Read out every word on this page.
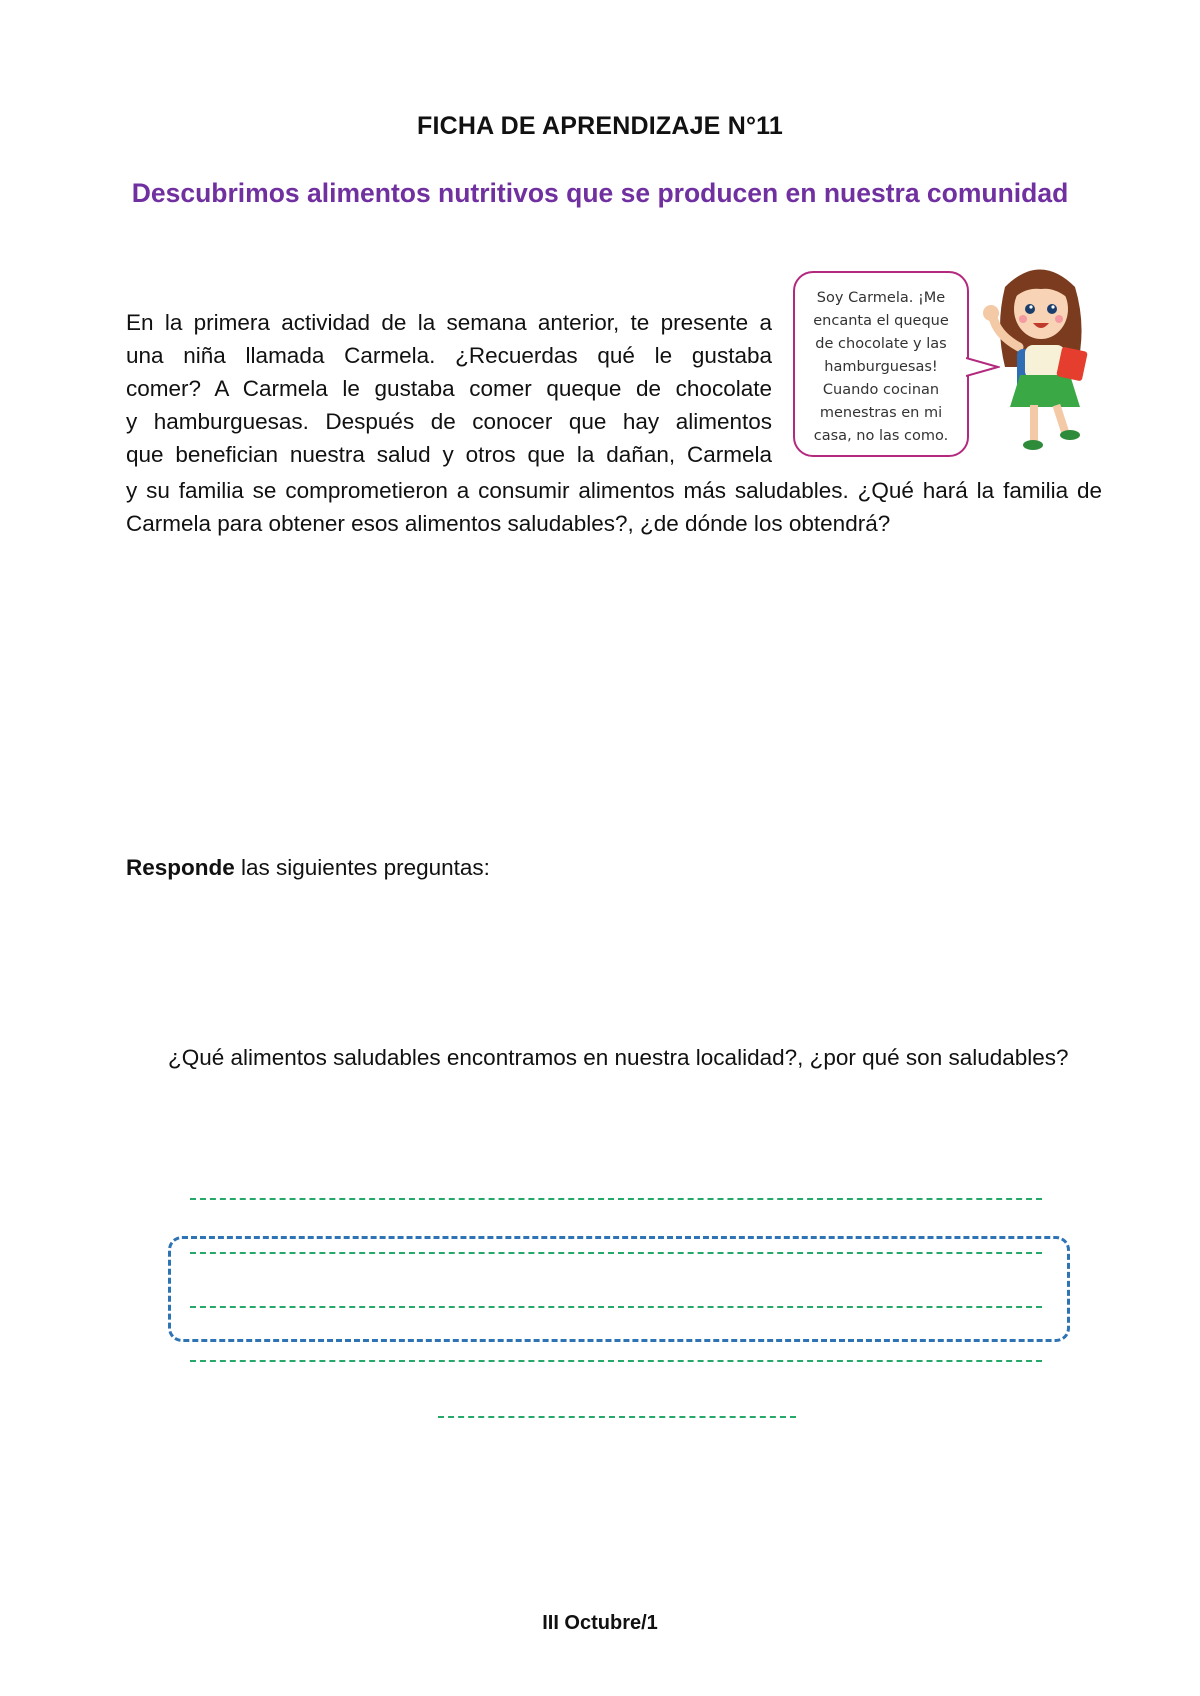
FICHA DE APRENDIZAJE N°11
Descubrimos alimentos nutritivos que se producen en nuestra comunidad
En la primera actividad de la semana anterior, te presente a
una niña llamada Carmela. ¿Recuerdas qué le gustaba
comer? A Carmela le gustaba comer queque de chocolate
y hamburguesas. Después de conocer que hay alimentos
que benefician nuestra salud y otros que la dañan, Carmela
y su familia se comprometieron a consumir alimentos más saludables. ¿Qué hará la familia de Carmela para obtener esos alimentos saludables?, ¿de dónde los obtendrá?
Soy Carmela. ¡Me encanta el queque de chocolate y las hamburguesas! Cuando cocinan menestras en mi casa, no las como.
Responde las siguientes preguntas:
¿Qué alimentos saludables encontramos en nuestra localidad?, ¿por qué son saludables?
III Octubre/1
